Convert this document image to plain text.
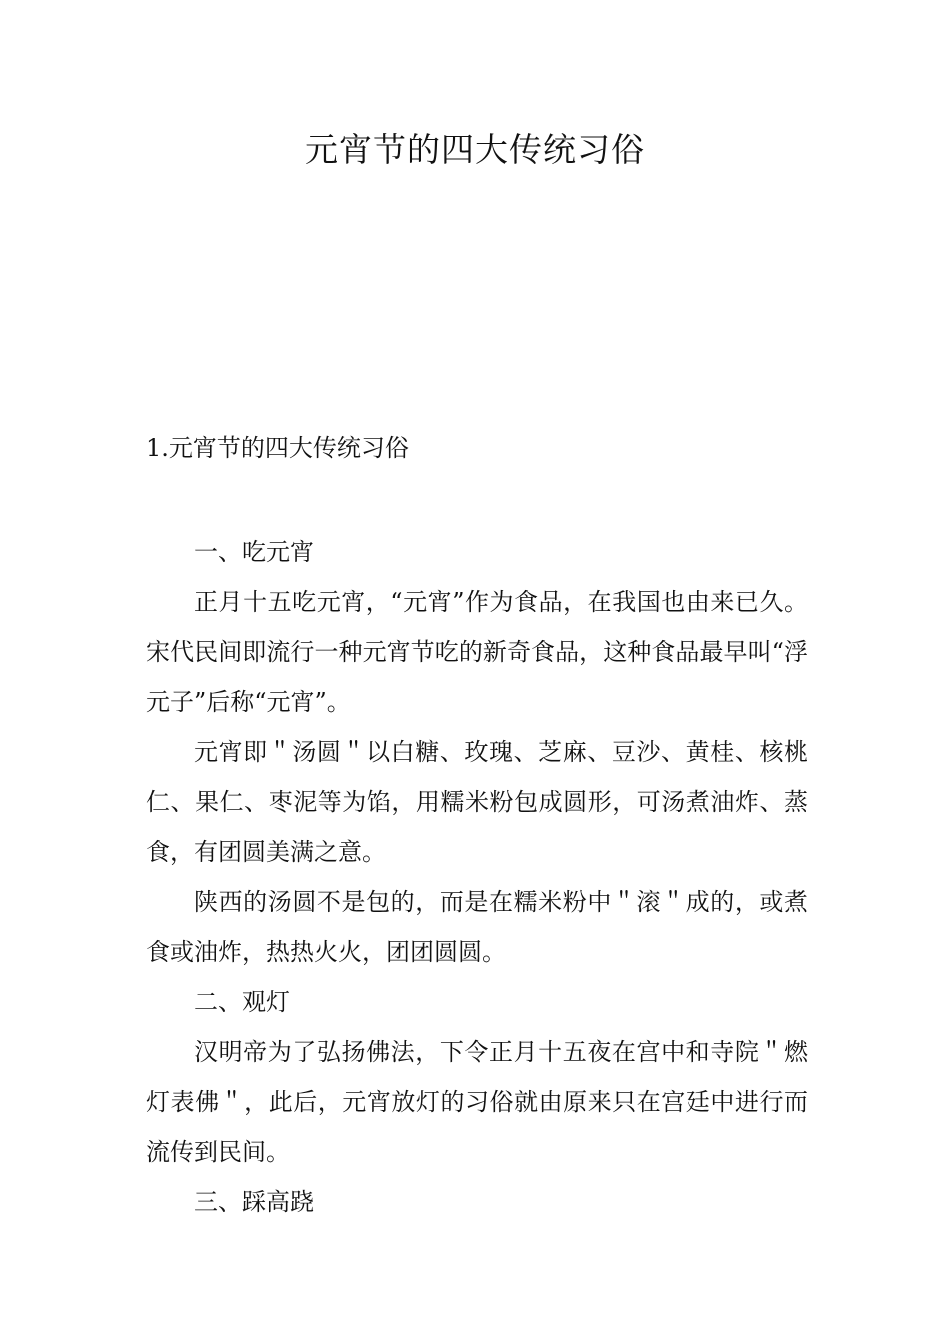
元宵节的四大传统习俗
1.元宵节的四大传统习俗

一、吃元宵

正月十五吃元宵，“元宵”作为食品，在我国也由来已久。宋代民间即流行一种元宵节吃的新奇食品，这种食品最早叫“浮元子”后称“元宵”。

元宵即＂汤圆＂以白糖、玫瑰、芝麻、豆沙、黄桂、核桃仁、果仁、枣泥等为馅，用糯米粉包成圆形，可汤煮油炸、蒸食，有团圆美满之意。

陕西的汤圆不是包的，而是在糯米粉中＂滚＂成的，或煮食或油炸，热热火火，团团圆圆。

二、观灯

汉明帝为了弘扬佛法，下令正月十五夜在宫中和寺院＂燃灯表佛＂，此后，元宵放灯的习俗就由原来只在宫廷中进行而流传到民间。

三、踩高跷
